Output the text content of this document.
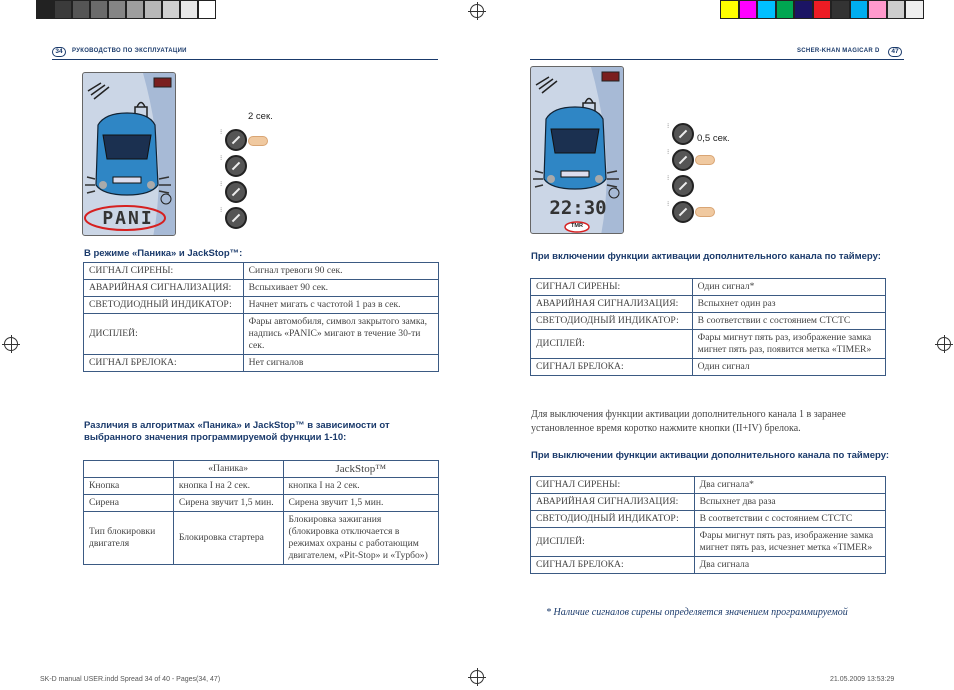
34	РУКОВОДСТВО ПО ЭКСПЛУАТАЦИИ
PANI
2 сек.
⁝
⁝
⁝
⁝
В режиме «Паника» и JackStop™:
СИГНАЛ СИРЕНЫ:	Сигнал тревоги 90 сек.
АВАРИЙНАЯ СИГНАЛИЗАЦИЯ:	Вспыхивает 90 сек.
СВЕТОДИОДНЫЙ ИНДИКАТОР:	Начнет мигать с частотой 1 раз в сек.
ДИСПЛЕЙ:	Фары автомобиля, символ закрытого замка, надпись «PANIC» мигают в течение 30-ти сек.
СИГНАЛ БРЕЛОКА:	Нет сигналов
Различия в алгоритмах «Паника» и JackStop™ в зависимости от выбранного значения программируемой функции 1-10:
	«Паника»	JackStop™
Кнопка	кнопка I на 2 сек.	кнопка I на 2 сек.
Сирена	Сирена звучит 1,5 мин.	Сирена звучит 1,5 мин.
Тип блокировки двигателя	Блокировка стартера	Блокировка зажигания (блокировка отключается в режимах охраны с работающим двигателем, «Pit-Stop» и «Турбо»)
SK-D manual USER.indd Spread 34 of 40 - Pages(34, 47)
SCHER-KHAN MAGICAR D	47
22:30
TMR
0,5 сек.
⁝
⁝
⁝
⁝
При включении функции активации дополнительного канала по таймеру:
СИГНАЛ СИРЕНЫ:	Один сигнал*
АВАРИЙНАЯ СИГНАЛИЗАЦИЯ:	Вспыхнет один раз
СВЕТОДИОДНЫЙ ИНДИКАТОР:	В соответствии с состоянием СТСТС
ДИСПЛЕЙ:	Фары мигнут пять раз, изображение замка мигнет пять раз, появится метка «TIMER»
СИГНАЛ БРЕЛОКА:	Один сигнал
Для выключения функции активации дополнительного канала 1 в заранее установленное время коротко нажмите кнопки (II+IV) брелока.
При выключении функции активации дополнительного канала по таймеру:
СИГНАЛ СИРЕНЫ:	Два сигнала*
АВАРИЙНАЯ СИГНАЛИЗАЦИЯ:	Вспыхнет два раза
СВЕТОДИОДНЫЙ ИНДИКАТОР:	В соответствии с состоянием СТСТС
ДИСПЛЕЙ:	Фары мигнут пять раз, изображение замка мигнет пять раз, исчезнет метка «TIMER»
СИГНАЛ БРЕЛОКА:	Два сигнала
* Наличие сигналов сирены определяется значением программируемой
21.05.2009 13:53:29
